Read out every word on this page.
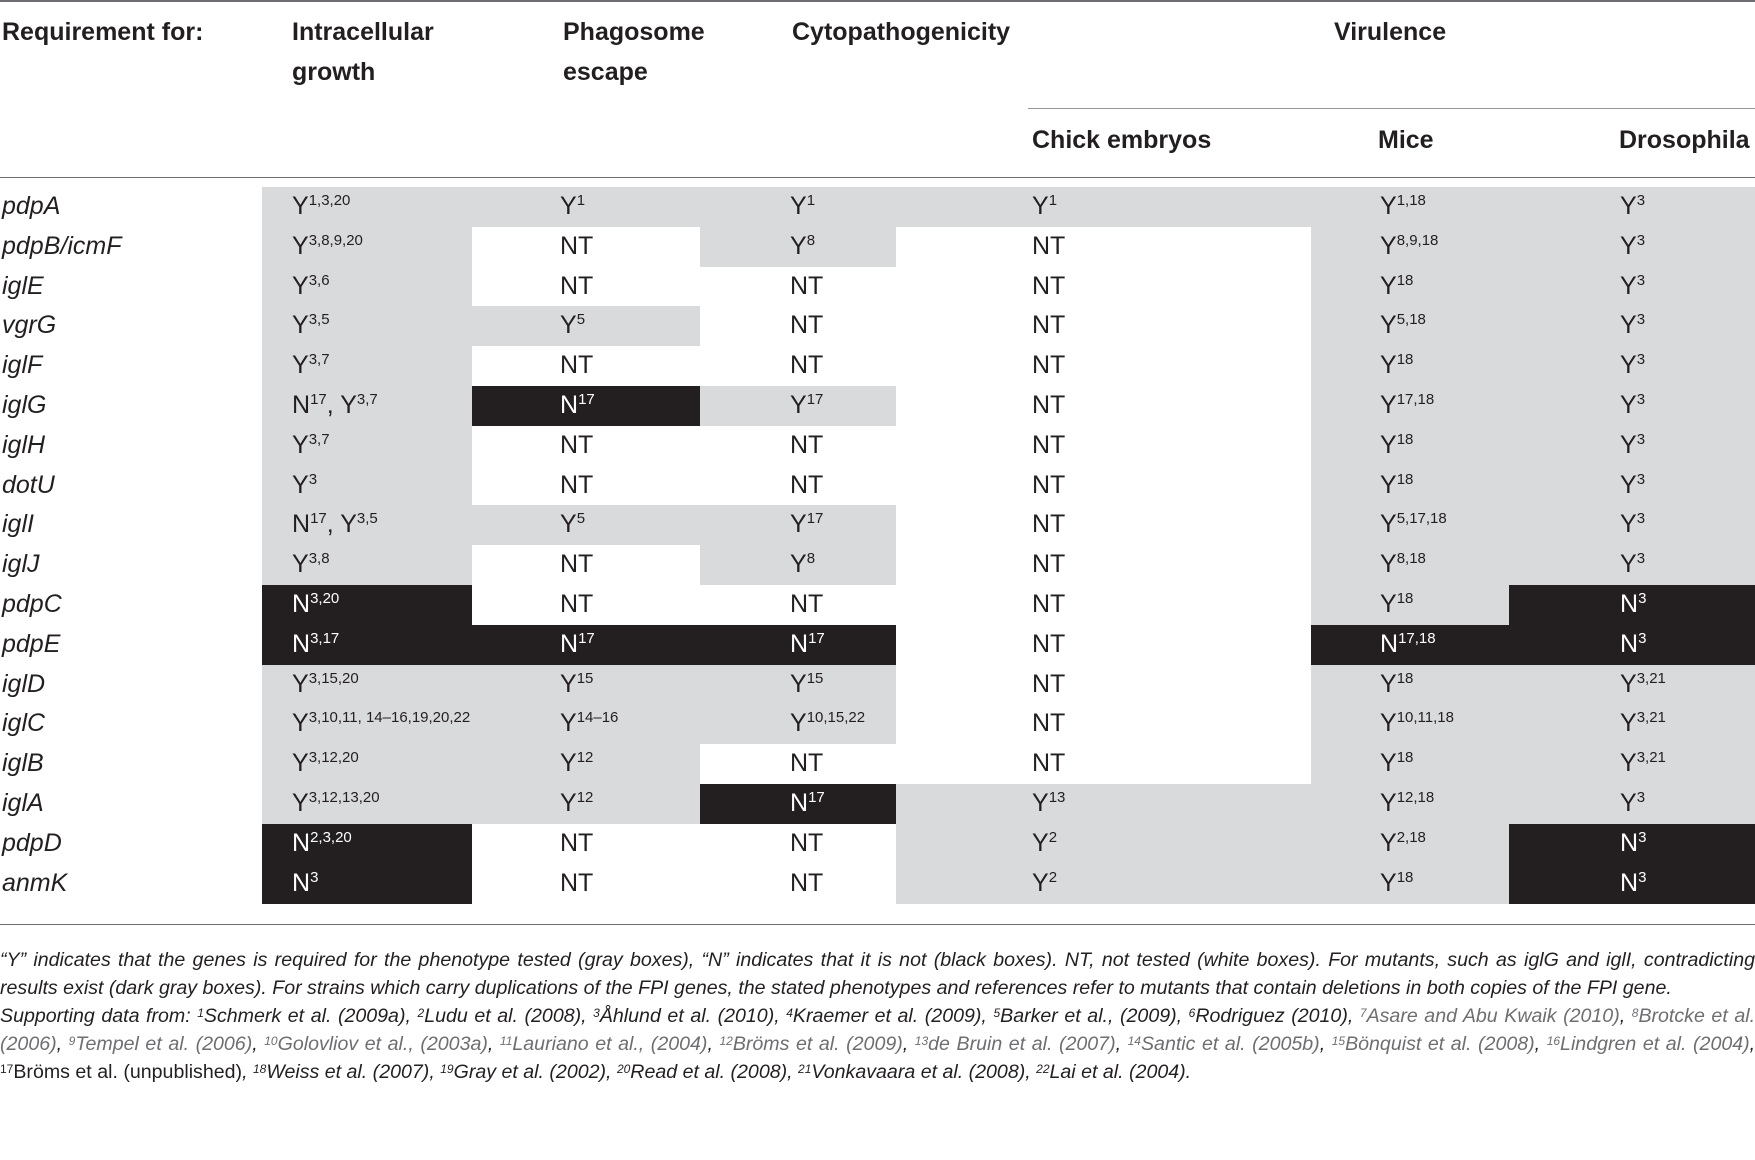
Requirement for:	Intracellular
growth
Phagosome
escape
Cytopathogenicity	Virulence
Chick embryos	Mice	Drosophila
pdpA	Y$^{1,3,20}$	$Y^1$	$Y^1$	$Y^1$	Y$^{1,18}$	$Y^3$
pdpB/icmF	Y$^{3,8,9,20}$	NT	$Y^8$	NT	Y$^{8,9,18}$	$Y^3$
iglE	Y$^{3,6}$	NT	NT	NT	$Y^{18}$	$Y^3$
vgrG	Y$^{3,5}$	$Y^5$	NT	NT	Y$^{5,18}$	$Y^3$
iglF	Y$^{3,7}$	NT	NT	NT	$Y^{18}$	$Y^3$
iglG	$N^{17}$, Y$^{3,7}$	$N^{17}$	$Y^{17}$	NT	Y$^{17,18}$	$Y^3$
iglH	Y$^{3,7}$	NT	NT	NT	$Y^{18}$	$Y^3$
dotU	$Y^3$	NT	NT	NT	$Y^{18}$	$Y^3$
iglI	$N^{17}$, Y$^{3,5}$	$Y^5$	$Y^{17}$	NT	Y$^{5,17,18}$	$Y^3$
iglJ	Y$^{3,8}$	NT	$Y^8$	NT	Y$^{8,18}$	$Y^3$
pdpC	N$^{3,20}$	NT	NT	NT	$Y^{18}$	$N^3$
pdpE	N$^{3,17}$	$N^{17}$	$N^{17}$	NT	N$^{17,18}$	$N^3$
iglD	Y$^{3,15,20}$	$Y^{15}$	$Y^{15}$	NT	$Y^{18}$	Y$^{3,21}$
iglC	Y$^{3,10,11, 14-16,19,20,22}$	$Y^{14-16}$	Y$^{10,15,22}$	NT	Y$^{10,11,18}$	Y$^{3,21}$
iglB	Y$^{3,12,20}$	$Y^{12}$	NT	NT	$Y^{18}$	Y$^{3,21}$
iglA	Y$^{3,12,13,20}$	$Y^{12}$	$N^{17}$	$Y^{13}$	Y$^{12,18}$	$Y^3$
pdpD	N$^{2,3,20}$	NT	NT	$Y^2$	Y$^{2,18}$	$N^3$
anmK	$N^3$	NT	NT	$Y^2$	$Y^{18}$	$N^3$

“Y” indicates that the genes is required for the phenotype tested (gray boxes), “N” indicates that it is not (black boxes). NT, not tested (white boxes). For mutants, such as iglG and iglI, contradicting results exist (dark gray boxes). For strains which carry duplications of the FPI genes, the stated phenotypes and references refer to mutants that contain deletions in both copies of the FPI gene.

Supporting data from: $^1$Schmerk et al. (2009a), $^2$Ludu et al. (2008), $^3$Åhlund et al. (2010), $^4$Kraemer et al. (2009), $^5$Barker et al., (2009), $^6$Rodriguez (2010), $^7$Asare and Abu Kwaik (2010), $^8$Brotcke et al. (2006), $^9$Tempel et al. (2006), $^{10}$Golovliov et al., (2003a), $^{11}$Lauriano et al., (2004), $^{12}$Bröms et al. (2009), $^{13}$de Bruin et al. (2007), $^{14}$Santic et al. (2005b), $^{15}$Bönquist et al. (2008), $^{16}$Lindgren et al. (2004), $^{17}$Bröms et al. (unpublished), $^{18}$Weiss et al. (2007), $^{19}$Gray et al. (2002), $^{20}$Read et al. (2008), $^{21}$Vonkavaara et al. (2008), $^{22}$Lai et al. (2004).
